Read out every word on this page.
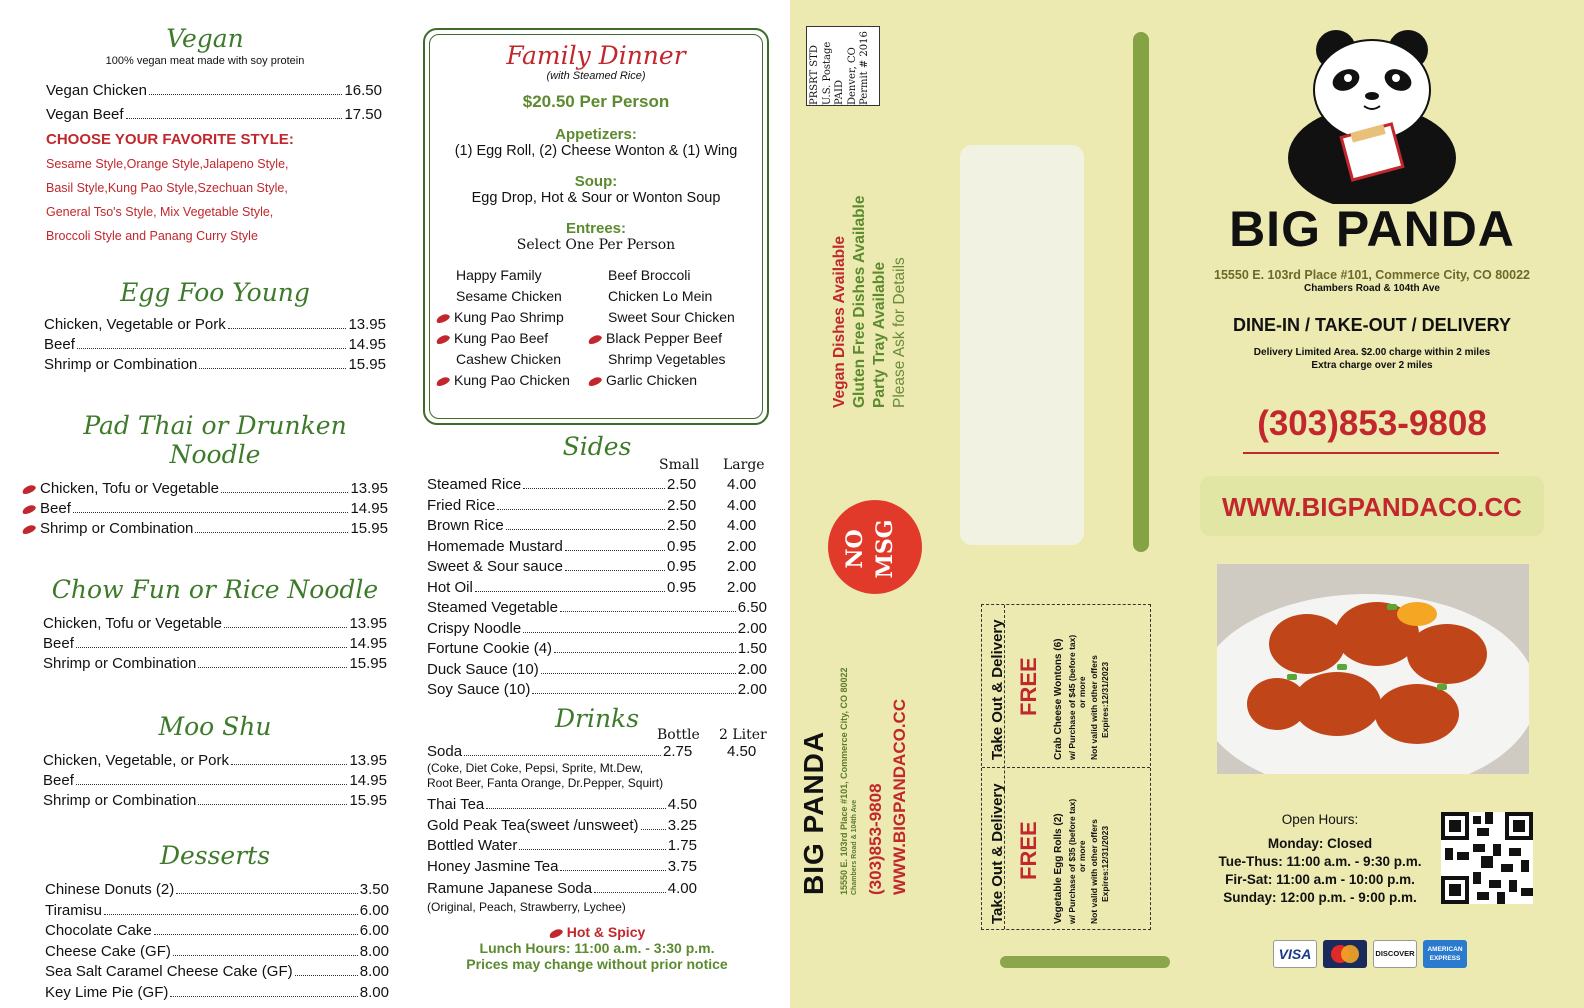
Vegan
100% vegan meat made with soy protein
Vegan Chicken	16.50
Vegan Beef	17.50
CHOOSE YOUR FAVORITE STYLE:
Sesame Style,Orange Style,Jalapeno Style,
Basil Style,Kung Pao Style,Szechuan Style,
General Tso's Style, Mix Vegetable Style,
Broccoli Style and Panang Curry Style
Egg Foo Young
Chicken, Vegetable or Pork	13.95
Beef	14.95
Shrimp or Combination	15.95
Pad Thai or Drunken Noodle
Chicken, Tofu or Vegetable	13.95
Beef	14.95
Shrimp or Combination	15.95
Chow Fun or Rice Noodle
Chicken, Tofu or Vegetable	13.95
Beef	14.95
Shrimp or Combination	15.95
Moo Shu
Chicken, Vegetable, or Pork	13.95
Beef	14.95
Shrimp or Combination	15.95
Desserts
Chinese Donuts (2)	3.50
Tiramisu	6.00
Chocolate Cake	6.00
Cheese Cake (GF)	8.00
Sea Salt Caramel Cheese Cake (GF)	8.00
Key Lime Pie (GF)	8.00
Family Dinner
(with Steamed Rice)
$20.50 Per Person
Appetizers:
(1) Egg Roll, (2) Cheese Wonton & (1) Wing
Soup:
Egg Drop, Hot & Sour or Wonton Soup
Entrees:
Select One Per Person
Happy Family
Sesame Chicken
Kung Pao Shrimp
Kung Pao Beef
Cashew Chicken
Kung Pao Chicken
Beef Broccoli
Chicken Lo Mein
Sweet Sour Chicken
Black Pepper Beef
Shrimp Vegetables
Garlic Chicken
Sides
Small	Large
Steamed Rice	2.50	4.00
Fried Rice	2.50	4.00
Brown Rice	2.50	4.00
Homemade Mustard	0.95	2.00
Sweet & Sour sauce	0.95	2.00
Hot Oil	0.95	2.00
Steamed Vegetable	6.50
Crispy Noodle	2.00
Fortune Cookie (4)	1.50
Duck Sauce (10)	2.00
Soy Sauce (10)	2.00
Drinks
Bottle	2 Liter
Soda	2.75	4.50
(Coke, Diet Coke, Pepsi, Sprite, Mt.Dew,
Root Beer, Fanta Orange, Dr.Pepper, Squirt)
Thai Tea	4.50
Gold Peak Tea(sweet /unsweet) 3.25
Bottled Water	1.75
Honey Jasmine Tea	3.75
Ramune Japanese Soda	4.00
(Original, Peach, Strawberry, Lychee)
Hot & Spicy
Lunch Hours: 11:00 a.m. - 3:30 p.m.
Prices may change without prior notice
PRSRT STD U.S. Postage PAID Denver, CO Permit # 2016
Vegan Dishes Available Gluten Free Dishes Available Party Tray Available Please Ask for Details
NO MSG
BIG PANDA	15550 E. 103rd Place #101, Commerce City, CO 80022 Chambers Road & 104th Ave (303)853-9808 WWW.BIGPANDACO.CC
Take Out & Delivery FREE	Crab Cheese Wontons (6) w/ Purchase of $45 (before tax) or more Not valid with other offers Expires:12/31/2023
Take Out & Delivery FREE	Vegetable Egg Rolls (2) w/ Purchase of $35 (before tax) or more Not valid with other offers Expires:12/31/2023
BIG PANDA
15550 E. 103rd Place #101, Commerce City, CO 80022
Chambers Road & 104th Ave
DINE-IN / TAKE-OUT / DELIVERY
Delivery Limited Area. $2.00 charge within 2 miles
Extra charge over 2 miles
(303)853-9808
WWW.BIGPANDACO.CC
Open Hours:
Monday: Closed
Tue-Thus: 11:00 a.m. - 9:30 p.m.
Fir-Sat: 11:00 a.m - 10:00 p.m.
Sunday: 12:00 p.m. - 9:00 p.m.
VISA	DISCOVER	AMERICAN EXPRESS
